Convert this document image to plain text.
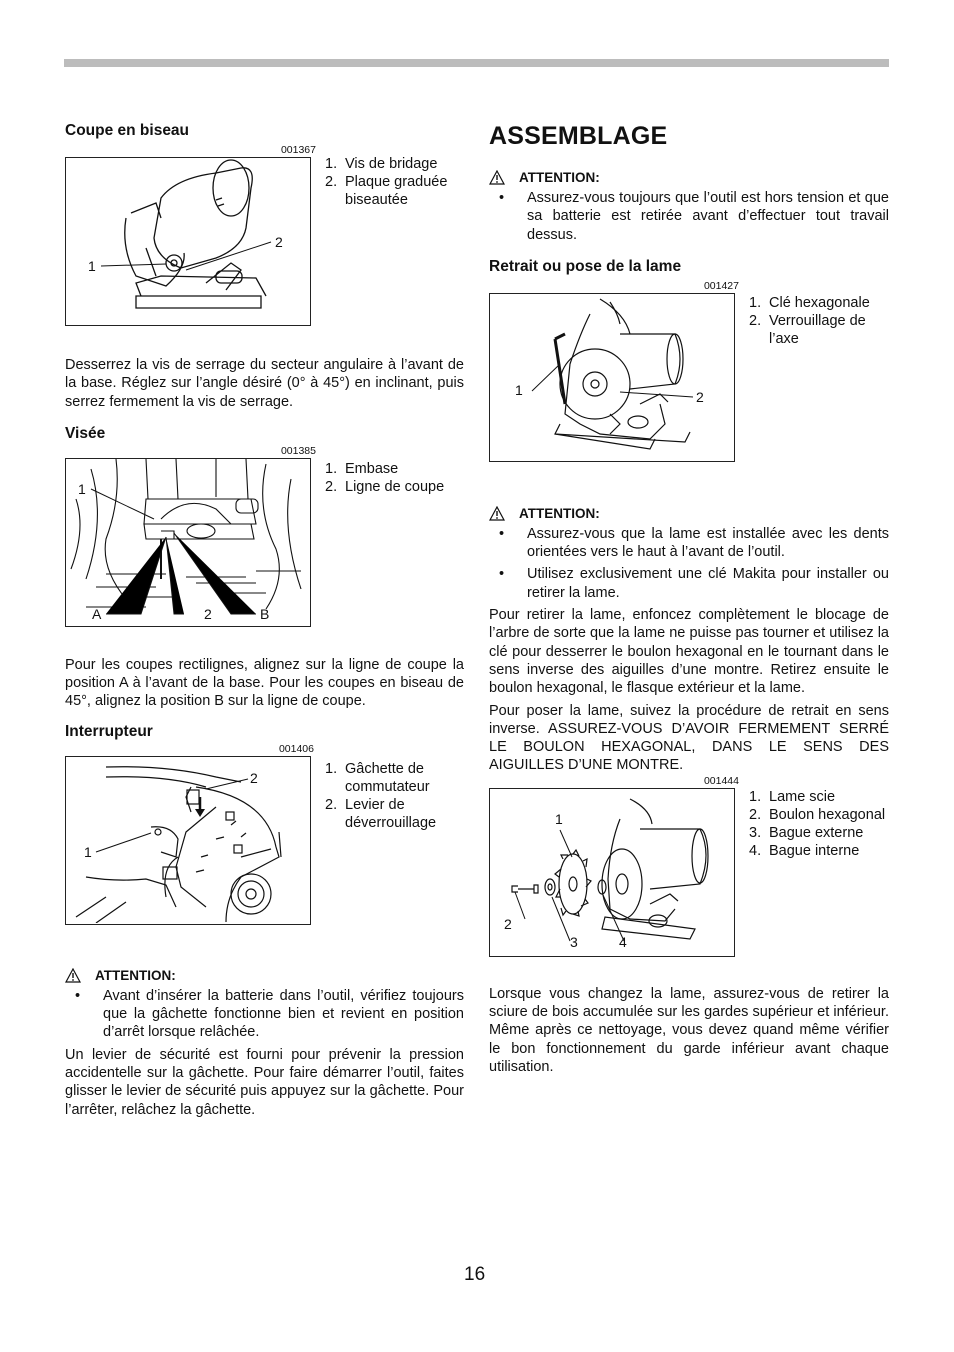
Coupe en biseau
001367
1
2
1. Vis de bridage
2. Plaque graduée biseautée

Desserrez la vis de serrage du secteur angulaire à l’avant de la base. Réglez sur l’angle désiré (0° à 45°) en inclinant, puis serrez fermement la vis de serrage.

Visée
001385
1
A	2	B
1. Embase
2. Ligne de coupe

Pour les coupes rectilignes, alignez sur la ligne de coupe la position A à l’avant de la base. Pour les coupes en biseau de 45°, alignez la position B sur la ligne de coupe.

Interrupteur
001406
2
1
1. Gâchette de commutateur
2. Levier de déverrouillage
ATTENTION:
•	Avant d’insérer la batterie dans l’outil, vérifiez toujours que la gâchette fonctionne bien et revient en position d’arrêt lorsque relâchée.

Un levier de sécurité est fourni pour prévenir la pression accidentelle sur la gâchette. Pour faire démarrer l’outil, faites glisser le levier de sécurité puis appuyez sur la gâchette. Pour l’arrêter, relâchez la gâchette.

ASSEMBLAGE
ATTENTION:
•	Assurez-vous toujours que l’outil est hors tension et que sa batterie est retirée avant d’effectuer tout travail dessus.
Retrait ou pose de la lame
001427
1	2
1. Clé hexagonale
2. Verrouillage de l’axe
ATTENTION:
•	Assurez-vous que la lame est installée avec les dents orientées vers le haut à l’avant de l’outil.
•	Utilisez exclusivement une clé Makita pour installer ou retirer la lame.

Pour retirer la lame, enfoncez complètement le blocage de l’arbre de sorte que la lame ne puisse pas tourner et utilisez la clé pour desserrer le boulon hexagonal en le tournant dans le sens inverse des aiguilles d’une montre. Retirez ensuite le boulon hexagonal, le flasque extérieur et la lame.

Pour poser la lame, suivez la procédure de retrait en sens inverse. ASSUREZ-VOUS D’AVOIR FERMEMENT SERRÉ LE BOULON HEXAGONAL, DANS LE SENS DES AIGUILLES D’UNE MONTRE.

001444
1
2
3	4
1. Lame scie
2. Boulon hexagonal
3. Bague externe
4. Bague interne

Lorsque vous changez la lame, assurez-vous de retirer la sciure de bois accumulée sur les gardes supérieur et inférieur. Même après ce nettoyage, vous devez quand même vérifier le bon fonctionnement du garde inférieur avant chaque utilisation.

16
